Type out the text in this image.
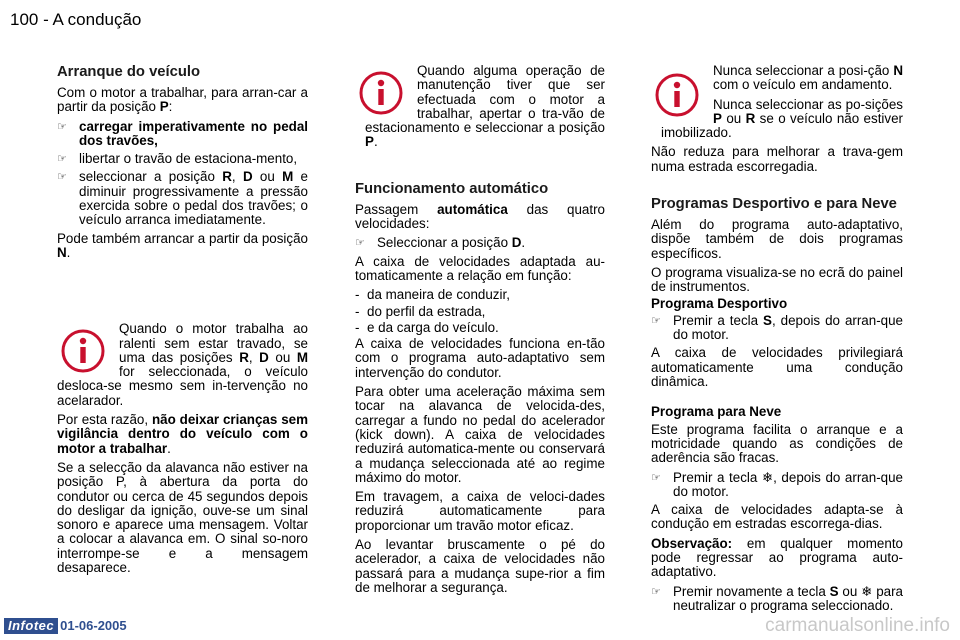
100 - A condução
Arranque do veículo

Com o motor a trabalhar, para arran-car a partir da posição P:

☞ carregar imperativamente no pedal dos travões,
☞ libertar o travão de estaciona-mento,
☞ seleccionar a posição R, D ou M e diminuir progressivamente a pressão exercida sobre o pedal dos travões; o veículo arranca imediatamente.

Pode também arrancar a partir da posição N.

Quando o motor trabalha ao ralenti sem estar travado, se uma das posições R, D ou M for seleccionada, o veículo desloca-se mesmo sem in-tervenção no acelarador.

Por esta razão, não deixar crianças sem vigilância dentro do veículo com o motor a trabalhar.

Se a selecção da alavanca não estiver na posição P, à abertura da porta do condutor ou cerca de 45 segundos depois do desligar da ignição, ouve-se um sinal sonoro e aparece uma mensagem. Voltar a colocar a alavanca em. O sinal so-noro interrompe-se e a mensagem desaparece.

Quando alguma operação de manutenção tiver que ser efectuada com o motor a trabalhar, apertar o tra-vão de estacionamento e seleccionar a posição P.

Funcionamento automático

Passagem automática das quatro velocidades:

☞ Seleccionar a posição D.

A caixa de velocidades adaptada au-tomaticamente a relação em função:

- da maneira de conduzir,
- do perfil da estrada,
- e da carga do veículo.

A caixa de velocidades funciona en-tão com o programa auto-adaptativo sem intervenção do condutor.

Para obter uma aceleração máxima sem tocar na alavanca de velocida-des, carregar a fundo no pedal do acelerador (kick down). A caixa de velocidades reduzirá automatica-mente ou conservará a mudança seleccionada até ao regime máximo do motor.

Em travagem, a caixa de veloci-dades reduzirá automaticamente para proporcionar um travão motor eficaz.

Ao levantar bruscamente o pé do acelerador, a caixa de velocidades não passará para a mudança supe-rior a fim de melhorar a segurança.

Nunca seleccionar a posi-ção N com o veículo em andamento.

Nunca seleccionar as po-sições P ou R se o veículo não estiver imobilizado.

Não reduza para melhorar a trava-gem numa estrada escorregadia.

Programas Desportivo e para Neve

Além do programa auto-adaptativo, dispõe também de dois programas específicos.

O programa visualiza-se no ecrã do painel de instrumentos.

Programa Desportivo
☞ Premir a tecla S, depois do arran-que do motor.

A caixa de velocidades privilegiará automaticamente uma condução dinâmica.

Programa para Neve

Este programa facilita o arranque e a motricidade quando as condições de aderência são fracas.

☞ Premir a tecla ❄, depois do arran-que do motor.

A caixa de velocidades adapta-se à condução em estradas escorrega-dias.

Observação: em qualquer momento pode regressar ao programa auto-adaptativo.

☞ Premir novamente a tecla S ou ❄ para neutralizar o programa seleccionado.
Infotec 01-06-2005	carmanualsonline.info
